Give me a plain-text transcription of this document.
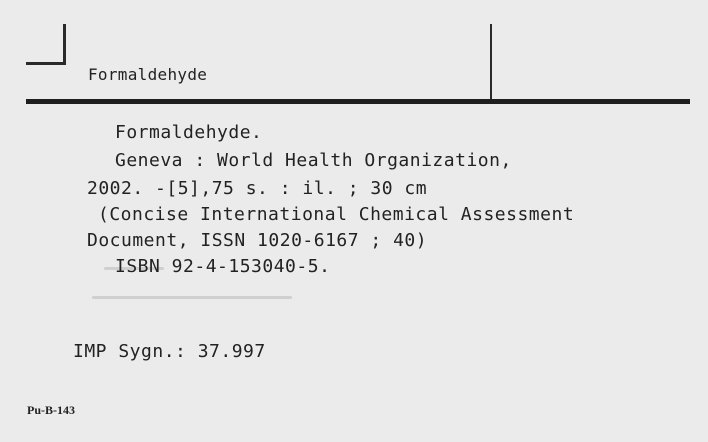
Formaldehyde
Formaldehyde.
Geneva : World Health Organization,
2002. -[5],75 s. : il. ; 30 cm
(Concise International Chemical Assessment
Document, ISSN 1020-6167 ; 40)
ISBN 92-4-153040-5.
IMP Sygn.: 37.997
Pu-B-143
